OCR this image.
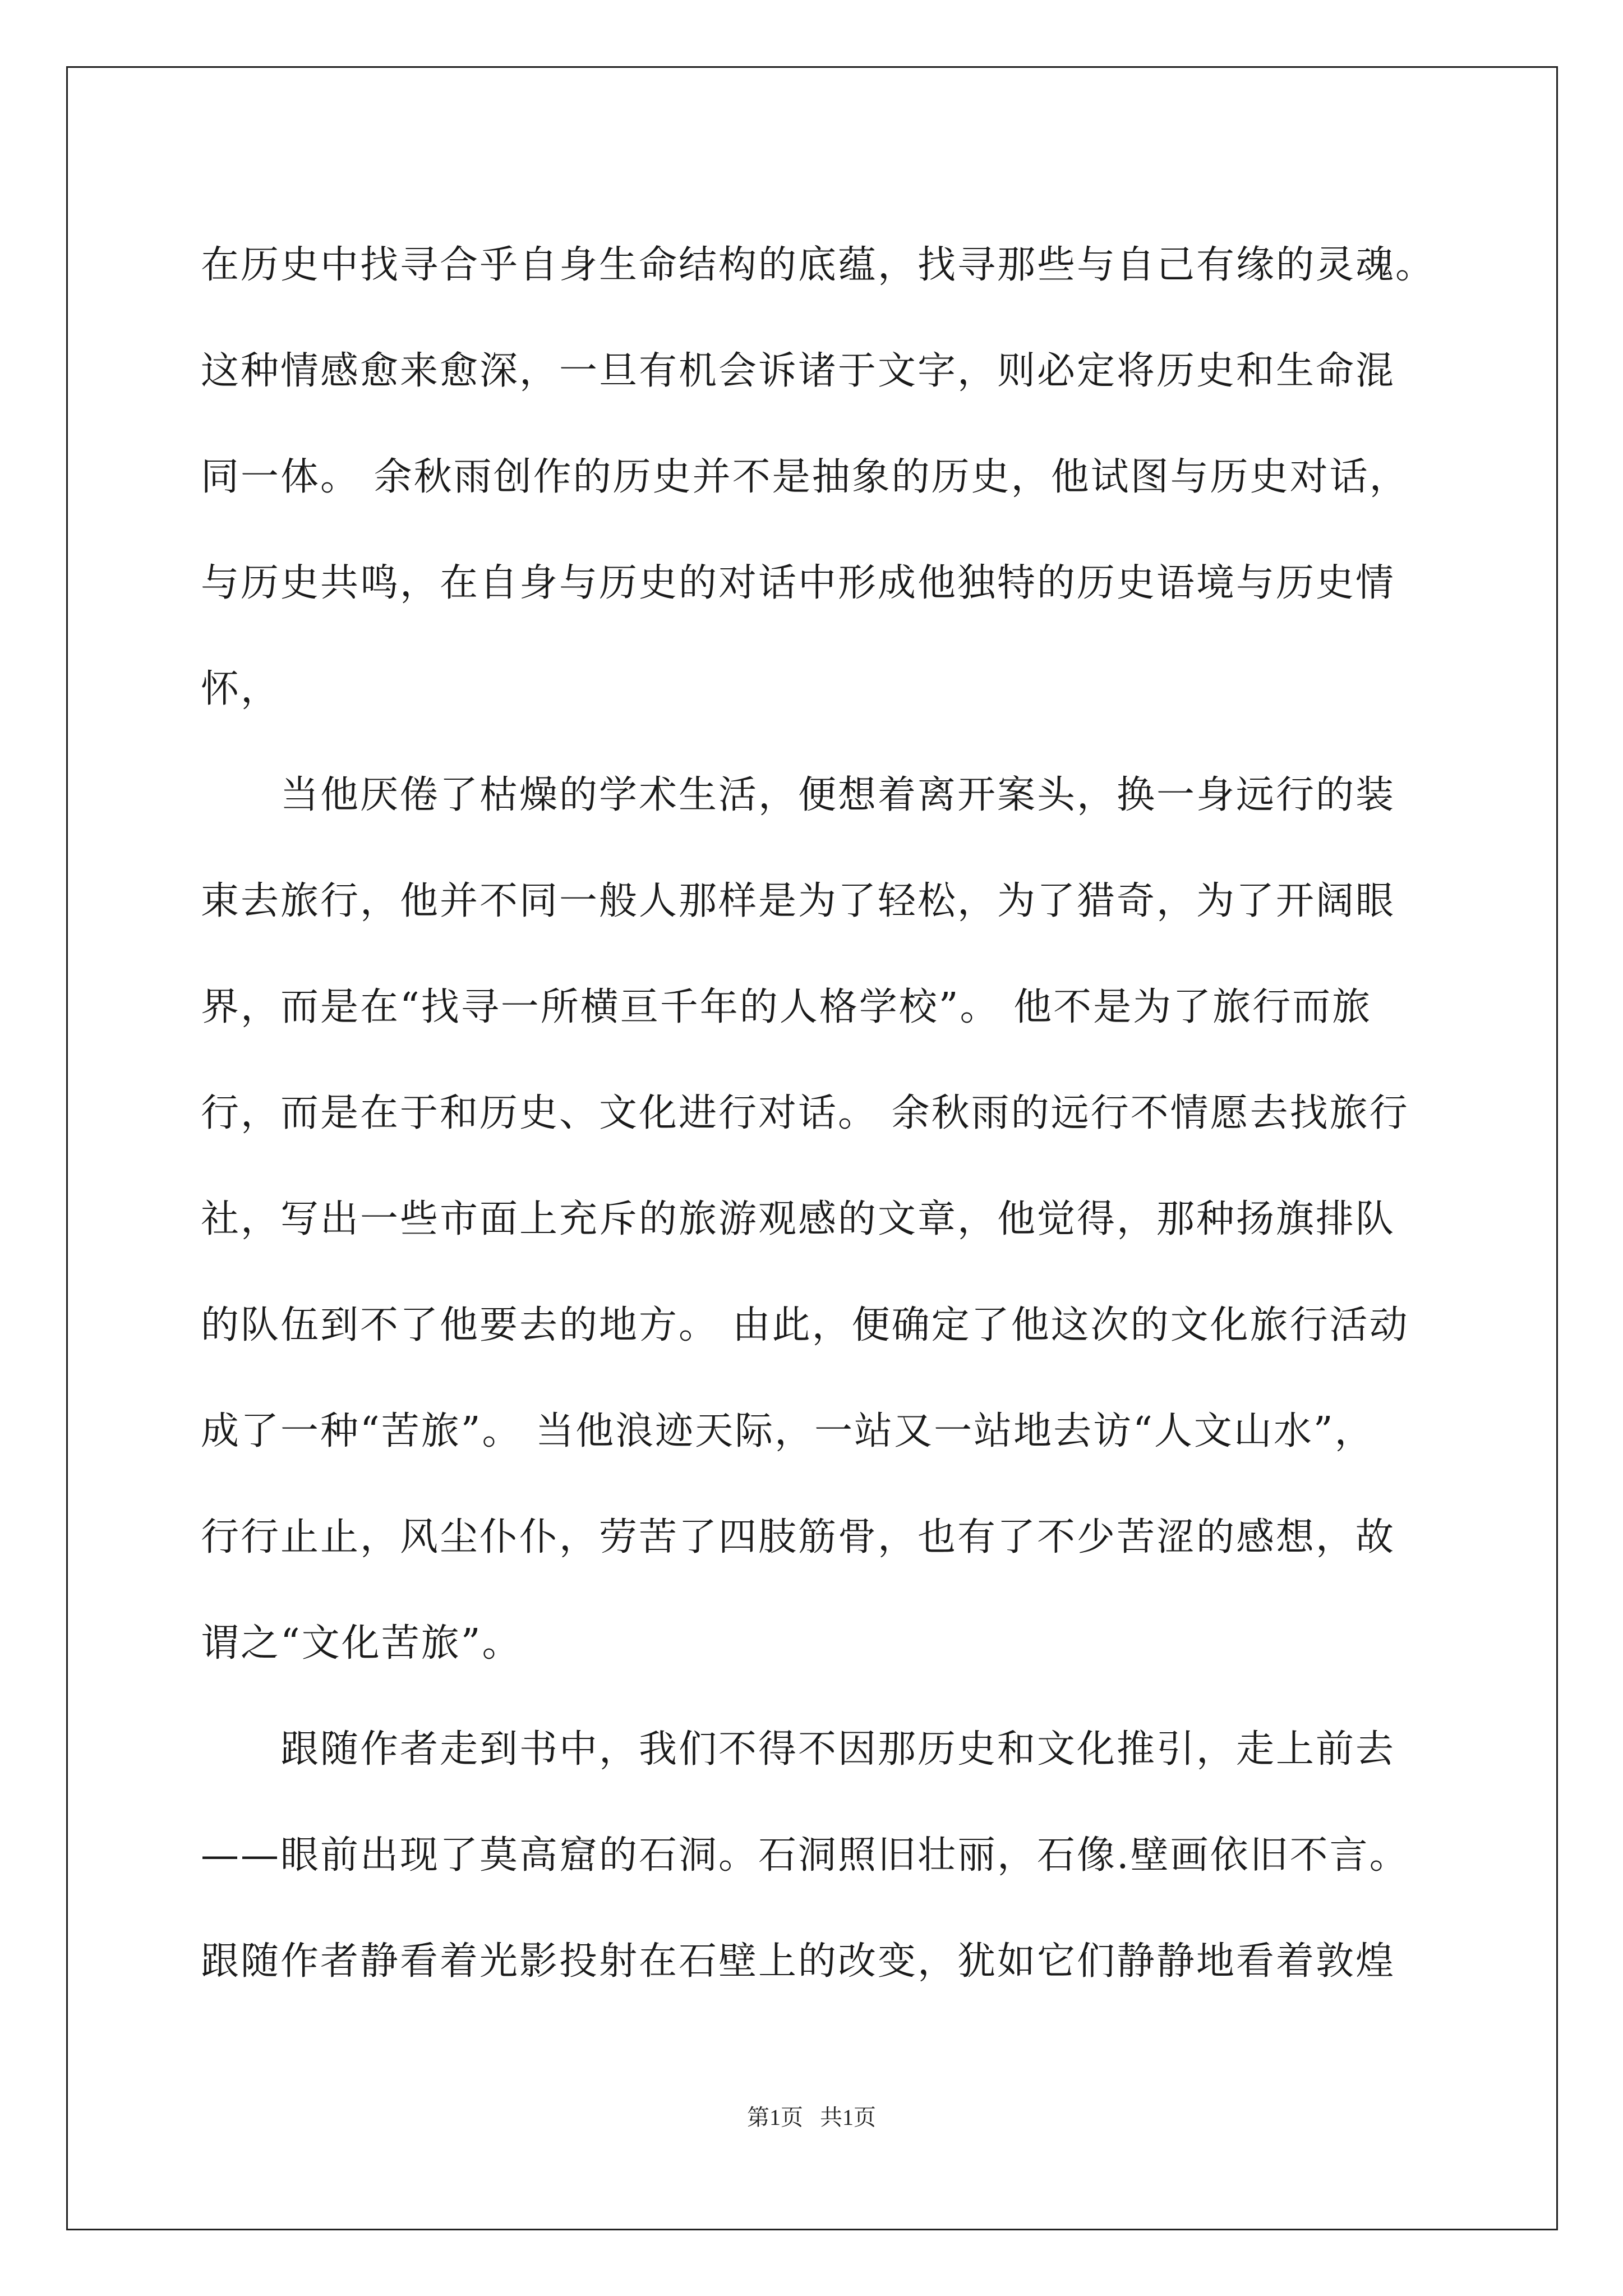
在历史中找寻合乎自身生命结构的底蕴，找寻那些与自己有缘的灵魂。
这种情感愈来愈深，一旦有机会诉诸于文字，则必定将历史和生命混
同一体。 余秋雨创作的历史并不是抽象的历史，他试图与历史对话，
与历史共鸣，在自身与历史的对话中形成他独特的历史语境与历史情
怀，
当他厌倦了枯燥的学术生活，便想着离开案头，换一身远行的装
束去旅行，他并不同一般人那样是为了轻松，为了猎奇，为了开阔眼
界，而是在“找寻一所横亘千年的人格学校”。 他不是为了旅行而旅
行，而是在于和历史、文化进行对话。 余秋雨的远行不情愿去找旅行
社，写出一些市面上充斥的旅游观感的文章，他觉得，那种扬旗排队
的队伍到不了他要去的地方。 由此，便确定了他这次的文化旅行活动
成了一种“苦旅”。 当他浪迹天际，一站又一站地去访“人文山水”，
行行止止，风尘仆仆，劳苦了四肢筋骨，也有了不少苦涩的感想，故
谓之“文化苦旅”。
跟随作者走到书中，我们不得不因那历史和文化推引，走上前去
——眼前出现了莫高窟的石洞。石洞照旧壮丽，石像.壁画依旧不言。
跟随作者静看着光影投射在石壁上的改变，犹如它们静静地看着敦煌
第1页   共1页
